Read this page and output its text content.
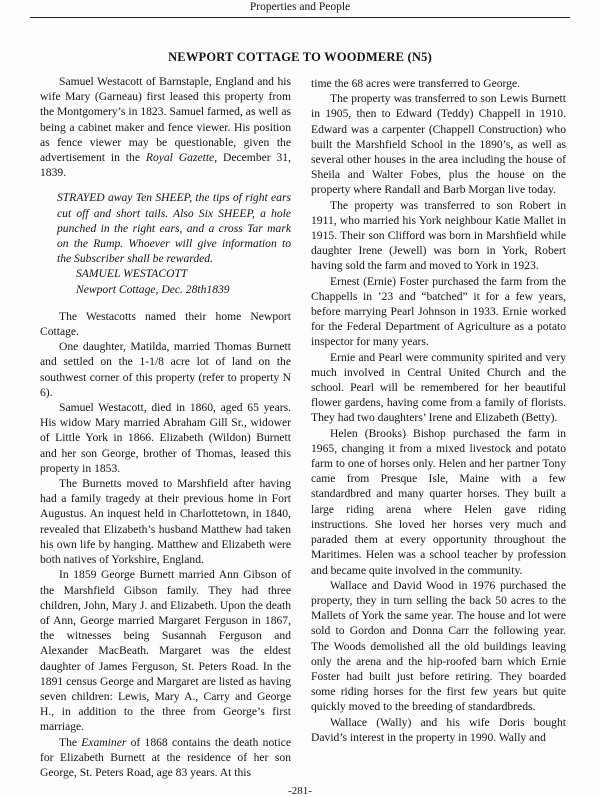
Properties and People
NEWPORT COTTAGE TO WOODMERE (N5)

Samuel Westacott of Barnstaple, England and his wife Mary (Garneau) first leased this property from the Montgomery’s in 1823. Samuel farmed, as well as being a cabinet maker and fence viewer. His position as fence viewer may be questionable, given the advertisement in the Royal Gazette, December 31, 1839.

STRAYED away Ten SHEEP, the tips of right ears cut off and short tails. Also Six SHEEP, a hole punched in the right ears, and a cross Tar mark on the Rump. Whoever will give information to the Subscriber shall be rewarded.

SAMUEL WESTACOTT

Newport Cottage, Dec. 28th1839

The Westacotts named their home Newport Cottage.

One daughter, Matilda, married Thomas Burnett and settled on the 1-1/8 acre lot of land on the southwest corner of this property (refer to property N 6).

Samuel Westacott, died in 1860, aged 65 years. His widow Mary married Abraham Gill Sr., widower of Little York in 1866. Elizabeth (Wildon) Burnett and her son George, brother of Thomas, leased this property in 1853.

The Burnetts moved to Marshfield after having had a family tragedy at their previous home in Fort Augustus. An inquest held in Charlottetown, in 1840, revealed that Elizabeth’s husband Matthew had taken his own life by hanging. Matthew and Elizabeth were both natives of Yorkshire, England.

In 1859 George Burnett married Ann Gibson of the Marshfield Gibson family. They had three children, John, Mary J. and Elizabeth. Upon the death of Ann, George married Margaret Ferguson in 1867, the witnesses being Susannah Ferguson and Alexander MacBeath. Margaret was the eldest daughter of James Ferguson, St. Peters Road. In the 1891 census George and Margaret are listed as having seven children: Lewis, Mary A., Carry and George H., in addition to the three from George’s first marriage.

The Examiner of 1868 contains the death notice for Elizabeth Burnett at the residence of her son George, St. Peters Road, age 83 years. At this

time the 68 acres were transferred to George.

The property was transferred to son Lewis Burnett in 1905, then to Edward (Teddy) Chappell in 1910. Edward was a carpenter (Chappell Construction) who built the Marshfield School in the 1890’s, as well as several other houses in the area including the house of Sheila and Walter Fobes, plus the house on the property where Randall and Barb Morgan live today.

The property was transferred to son Robert in 1911, who married his York neighbour Katie Mallet in 1915. Their son Clifford was born in Marshfield while daughter Irene (Jewell) was born in York, Robert having sold the farm and moved to York in 1923.

Ernest (Ernie) Foster purchased the farm from the Chappells in ’23 and “batched” it for a few years, before marrying Pearl Johnson in 1933. Ernie worked for the Federal Department of Agriculture as a potato inspector for many years.

Ernie and Pearl were community spirited and very much involved in Central United Church and the school. Pearl will be remembered for her beautiful flower gardens, having come from a family of florists. They had two daughters’ Irene and Elizabeth (Betty).

Helen (Brooks) Bishop purchased the farm in 1965, changing it from a mixed livestock and potato farm to one of horses only. Helen and her partner Tony came from Presque Isle, Maine with a few standardbred and many quarter horses. They built a large riding arena where Helen gave riding instructions. She loved her horses very much and paraded them at every opportunity throughout the Maritimes. Helen was a school teacher by profession and became quite involved in the community.

Wallace and David Wood in 1976 purchased the property, they in turn selling the back 50 acres to the Mallets of York the same year. The house and lot were sold to Gordon and Donna Carr the following year. The Woods demolished all the old buildings leaving only the arena and the hip-roofed barn which Ernie Foster had built just before retiring. They boarded some riding horses for the first few years but quite quickly moved to the breeding of standardbreds.

Wallace (Wally) and his wife Doris bought David’s interest in the property in 1990. Wally and

-281-
